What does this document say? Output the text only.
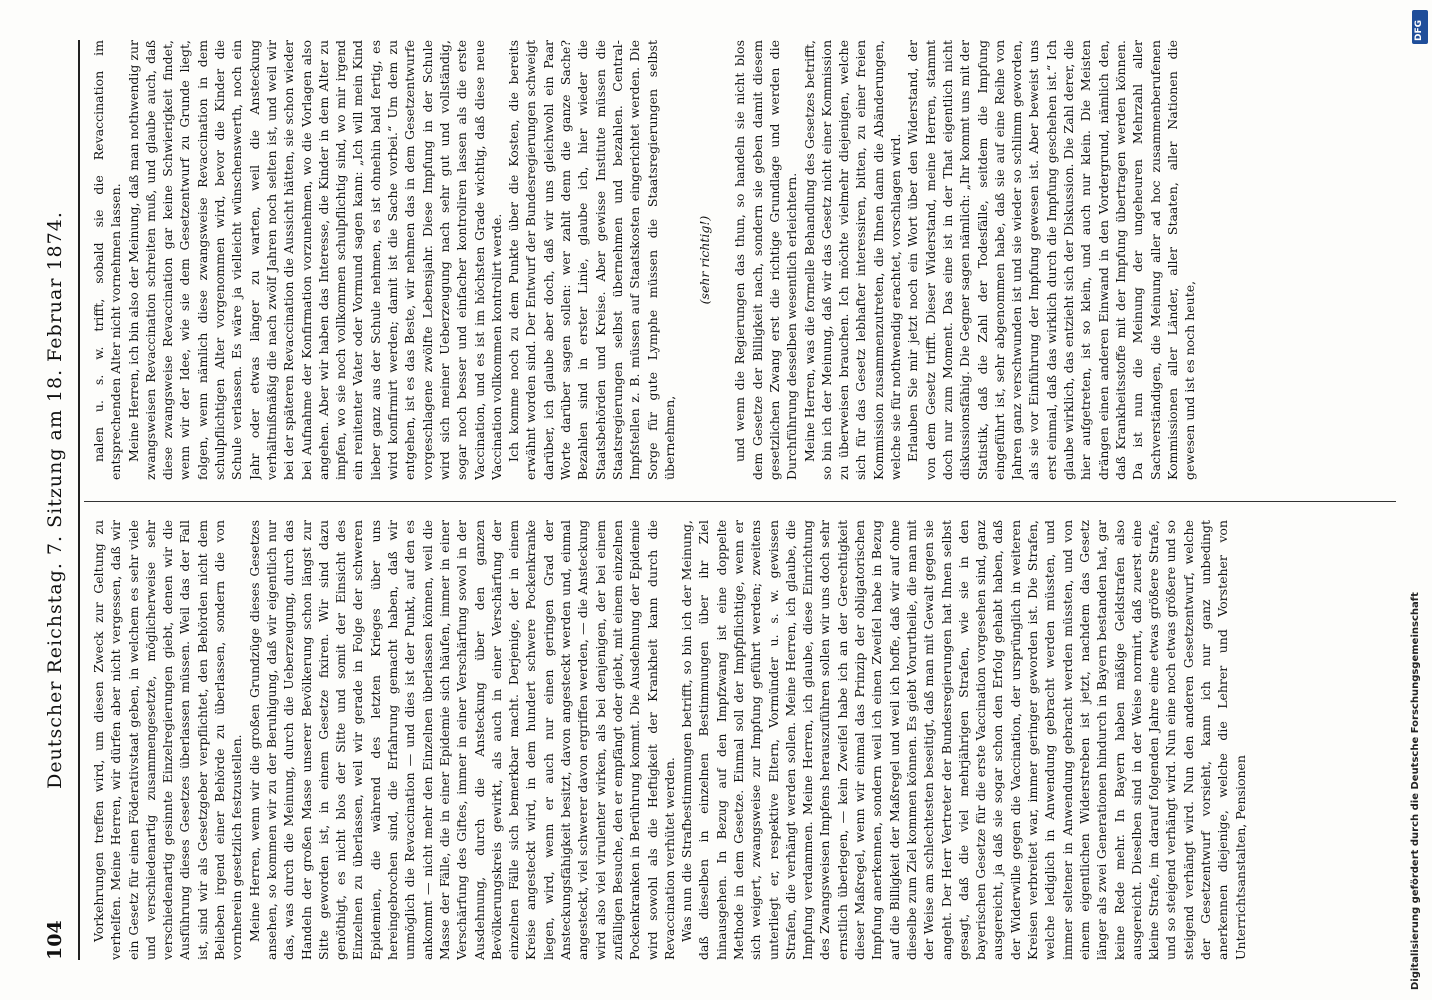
104
Deutscher Reichstag. 7. Sitzung am 18. Februar 1874. Vorkehrungen treffen wird, um diesen Zweck zur Geltung zu verhelfen. Meine Herren, wir dürfen aber nicht vergessen, daß wir ein Gesetz für einen Föderativstaat geben, in welchem es sehr viele und verschiedenartig zusammengesetzte, möglicherweise sehr verschiedenartig gesinnte Einzelregierungen giebt, denen wir die Ausführung dieses Gesetzes überlassen müssen. Weil das der Fall ist, sind wir als Gesetzgeber verpflichtet, den Behörden nicht dem Belieben irgend einer Behörde zu überlassen, sondern die von vornherein gesetzlich festzustellen. Meine Herren, wenn wir die großen Grundzüge dieses Gesetzes ansehen, so kommen wir zu der Beruhigung, daß wir eigentlich nur das, was durch die Meinung, durch die Ueberzeugung, durch das Handeln der großen Masse unserer Bevölkerung schon längst zur Sitte geworden ist, in einem Gesetze fixiren. Wir sind dazu genöthigt, es nicht blos der Sitte und somit der Einsicht des Einzelnen zu überlassen, weil wir gerade in Folge der schweren Epidemien, die während des letzten Krieges über uns hereingebrochen sind, die Erfahrung gemacht haben, daß wir unmöglich die Revaccination — und dies ist der Punkt, auf den es ankommt — nicht mehr den Einzelnen überlassen können, weil die Masse der Fälle, die in einer Epidemie sich häufen, immer in einer Verschärfung des Giftes, immer in einer Verschärfung sowol in der Ausdehnung, durch die Ansteckung über den ganzen Bevölkerungskreis gewirkt, als auch in einer Verschärfung der einzelnen Fälle sich bemerkbar macht. Derjenige, der in einem Kreise angesteckt wird, in dem hundert schwere Pockenkranke liegen, wird, wenn er auch nur einen geringen Grad der Ansteckungsfähigkeit besitzt, davon angesteckt werden und, einmal angesteckt, viel schwerer davon ergriffen werden, — die Ansteckung wird also viel virulenter wirken, als bei denjenigen, der bei einem zufälligen Besuche, den er empfängt oder giebt, mit einem einzelnen Pockenkranken in Berührung kommt. Die Ausdehnung der Epidemie wird sowohl als die Heftigkeit der Krankheit kann durch die Revaccination verhütet werden. Was nun die Strafbestimmungen betrifft, so bin ich der Meinung, daß dieselben in einzelnen Bestimmungen über ihr Ziel hinausgehen. In Bezug auf den Impfzwang ist eine doppelte Methode in dem Gesetze. Einmal soll der Impfpflichtige, wenn er sich weigert, zwangsweise zur Impfung geführt werden; zweitens unterliegt er, respektive Eltern, Vormünder u. s. w. gewissen Strafen, die verhängt werden sollen. Meine Herren, ich glaube, die Impfung verdammen. Meine Herren, ich glaube, diese Einrichtung des Zwangsweisen Impfens herauszuführen sollen wir uns doch sehr ernstlich überlegen, — kein Zweifel habe ich an der Gerechtigkeit dieser Maßregel, wenn wir einmal das Prinzip der obligatorischen Impfung anerkennen, sondern weil ich einen Zweifel habe in Bezug auf die Billigkeit der Maßregel und weil ich hoffe, daß wir auf ohne dieselbe zum Ziel kommen können. Es giebt Vorurtheile, die man mit der Weise am schlechtesten beseitigt, daß man mit Gewalt gegen sie angeht. Der Herr Vertreter der Bundesregierungen hat Ihnen selbst gesagt, daß die viel mehrjährigen Strafen, wie sie in den bayerischen Gesetze für die erste Vaccination vorgesehen sind, ganz ausgereicht, ja daß sie sogar schon den Erfolg gehabt haben, daß der Widerwille gegen die Vaccination, der ursprünglich in weiteren Kreisen verbreitet war, immer geringer geworden ist. Die Strafen, welche lediglich in Anwendung gebracht werden müssten, und immer seltener in Anwendung gebracht werden müssten, und von einem eigentlichen Widerstreben ist jetzt, nachdem das Gesetz länger als zwei Generationen hindurch in Bayern bestanden hat, gar keine Rede mehr. In Bayern haben mäßige Geldstrafen also ausgereicht. Dieselben sind in der Weise normirt, daß zuerst eine kleine Strafe, im darauf folgenden Jahre eine etwas größere Strafe, und so steigend verhängt wird. Nun eine noch etwas größere und so steigend verhängt wird. Nun den anderen Gesetzentwurf, welche der Gesetzentwurf vorsieht, kann ich nur ganz unbedingt anerkennen diejenige, welche die Lehrer und Vorsteher von Unterrichtsanstalten, Pensionen

nalen u. s. w. trifft, sobald sie die Revaccination im entsprechenden Alter nicht vornehmen lassen. Meine Herren, ich bin also der Meinung, daß man nothwendig zur zwangsweisen Revaccination schreiten muß, und glaube auch, daß diese zwangsweise Revaccination gar keine Schwierigkeit findet, wenn wir der Idee, wie sie dem Gesetzentwurf zu Grunde liegt, folgen, wenn nämlich diese zwangsweise Revaccination in dem schulpflichtigen Alter vorgenommen wird, bevor die Kinder die Schule verlassen. Es wäre ja vielleicht wünschenswerth, noch ein Jahr oder etwas länger zu warten, weil die Ansteckung verhältnißmäßig die nach zwölf Jahren noch selten ist, und weil wir bei der späteren Revaccination die Aussicht hätten, sie schon wieder bei Aufnahme der Konfirmation vorzunehmen, wo die Vorlagen also angehen. Aber wir haben das Interesse, die Kinder in dem Alter zu impfen, wo sie noch vollkommen schulpflichtig sind, wo mir irgend ein renitenter Vater oder Vormund sagen kann: „Ich will mein Kind lieber ganz aus der Schule nehmen, es ist ohnehin bald fertig, es wird konfirmirt werden; damit ist die Sache vorbei.“ Um dem zu entgehen, ist es das Beste, wir nehmen das in dem Gesetzentwurfe vorgeschlagene zwölfte Lebensjahr. Diese Impfung in der Schule wird sich meiner Ueberzeugung nach sehr gut und vollständig, sogar noch besser und einfacher kontroliren lassen als die erste Vaccination, und es ist im höchsten Grade wichtig, daß diese neue Vaccination vollkommen kontrolirt werde. Ich komme noch zu dem Punkte über die Kosten, die bereits erwähnt worden sind. Der Entwurf der Bundesregierungen schweigt darüber, ich glaube aber doch, daß wir uns gleichwohl ein Paar Worte darüber sagen sollen: wer zahlt denn die ganze Sache? Bezahlen sind in erster Linie, glaube ich, hier wieder die Staatsbehörden und Kreise. Aber gewisse Institute müssen die Staatsregierungen selbst übernehmen und bezahlen. Central-Impfstellen z. B. müssen auf Staatskosten eingerichtet werden. Die Sorge für gute Lymphe müssen die Staatsregierungen selbst übernehmen,

(sehr richtig!) und wenn die Regierungen das thun, so handeln sie nicht blos dem Gesetze der Billigkeit nach, sondern sie geben damit diesem gesetzlichen Zwang erst die richtige Grundlage und werden die Durchführung desselben wesentlich erleichtern. Meine Herren, was die formelle Behandlung des Gesetzes betrifft, so bin ich der Meinung, daß wir das Gesetz nicht einer Kommission zu überweisen brauchen. Ich möchte vielmehr diejenigen, welche sich für das Gesetz lebhafter interessiren, bitten, zu einer freien Kommission zusammenzutreten, die Ihnen dann die Abänderungen, welche sie für nothwendig erachtet, vorschlagen wird. Erlauben Sie mir jetzt noch ein Wort über den Widerstand, der von dem Gesetz trifft. Dieser Widerstand, meine Herren, stammt doch nur zum Moment. Das eine ist in der That eigentlich nicht diskussionsfähig. Die Gegner sagen nämlich: „Ihr kommt uns mit der Statistik, daß die Zahl der Todesfälle, seitdem die Impfung eingeführt ist, sehr abgenommen habe, daß sie auf eine Reihe von Jahren ganz verschwunden ist und sie wieder so schlimm geworden, als sie vor Einführung der Impfung gewesen ist. Aber beweist uns erst einmal, daß das wirklich durch die Impfung geschehen ist.“ Ich glaube wirklich, das entzieht sich der Diskussion. Die Zahl derer, die hier aufgetreten, ist so klein, und auch nur klein. Die Meisten drängen einen anderen Einwand in den Vordergrund, nämlich den, daß Krankheitsstoffe mit der Impfung übertragen werden können. Da ist nun die Meinung der ungeheuren Mehrzahl aller Sachverständigen, die Meinung aller ad hoc zusammenberufenen Kommissionen aller Länder, aller Staaten, aller Nationen die gewesen und ist es noch heute,

DFG
Digitalisierung gefördert durch die Deutsche Forschungsgemeinschaft
